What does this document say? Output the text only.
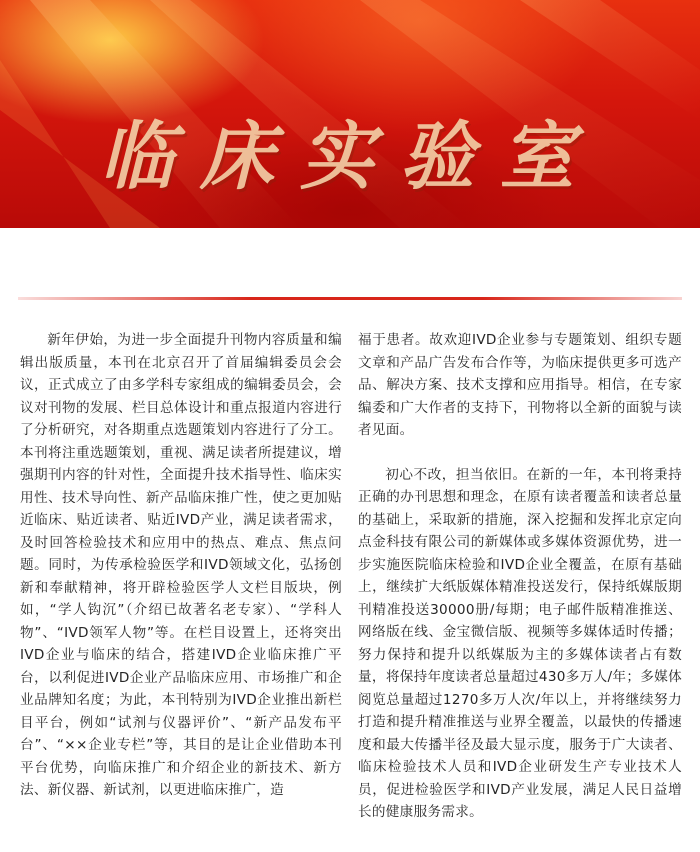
临床实验室

新年伊始，为进一步全面提升刊物内容质量和编辑出版质量，本刊在北京召开了首届编辑委员会会议，正式成立了由多学科专家组成的编辑委员会，会议对刊物的发展、栏目总体设计和重点报道内容进行了分析研究，对各期重点选题策划内容进行了分工。本刊将注重选题策划，重视、满足读者所提建议，增强期刊内容的针对性，全面提升技术指导性、临床实用性、技术导向性、新产品临床推广性，使之更加贴近临床、贴近读者、贴近IVD产业，满足读者需求，及时回答检验技术和应用中的热点、难点、焦点问题。同时，为传承检验医学和IVD领域文化，弘扬创新和奉献精神，将开辟检验医学人文栏目版块，例如，“学人钩沉”（介绍已故著名老专家）、“学科人物”、“IVD领军人物”等。在栏目设置上，还将突出IVD企业与临床的结合，搭建IVD企业临床推广平台，以利促进IVD企业产品临床应用、市场推广和企业品牌知名度；为此，本刊特别为IVD企业推出新栏目平台，例如“试剂与仪器评价”、“新产品发布平台”、“××企业专栏”等，其目的是让企业借助本刊平台优势，向临床推广和介绍企业的新技术、新方法、新仪器、新试剂，以更进临床推广，造

福于患者。故欢迎IVD企业参与专题策划、组织专题文章和产品广告发布合作等，为临床提供更多可选产品、解决方案、技术支撑和应用指导。相信，在专家编委和广大作者的支持下，刊物将以全新的面貌与读者见面。

初心不改，担当依旧。在新的一年，本刊将秉持正确的办刊思想和理念，在原有读者覆盖和读者总量的基础上，采取新的措施，深入挖掘和发挥北京定向点金科技有限公司的新媒体或多媒体资源优势，进一步实施医院临床检验和IVD企业全覆盖，在原有基础上，继续扩大纸版媒体精准投送发行，保持纸媒版期刊精准投送30000册/每期；电子邮件版精准推送、网络版在线、金宝微信版、视频等多媒体适时传播；努力保持和提升以纸媒版为主的多媒体读者占有数量，将保持年度读者总量超过430多万人/年；多媒体阅览总量超过1270多万人次/年以上，并将继续努力打造和提升精准推送与业界全覆盖，以最快的传播速度和最大传播半径及最大显示度，服务于广大读者、临床检验技术人员和IVD企业研发生产专业技术人员，促进检验医学和IVD产业发展，满足人民日益增长的健康服务需求。
